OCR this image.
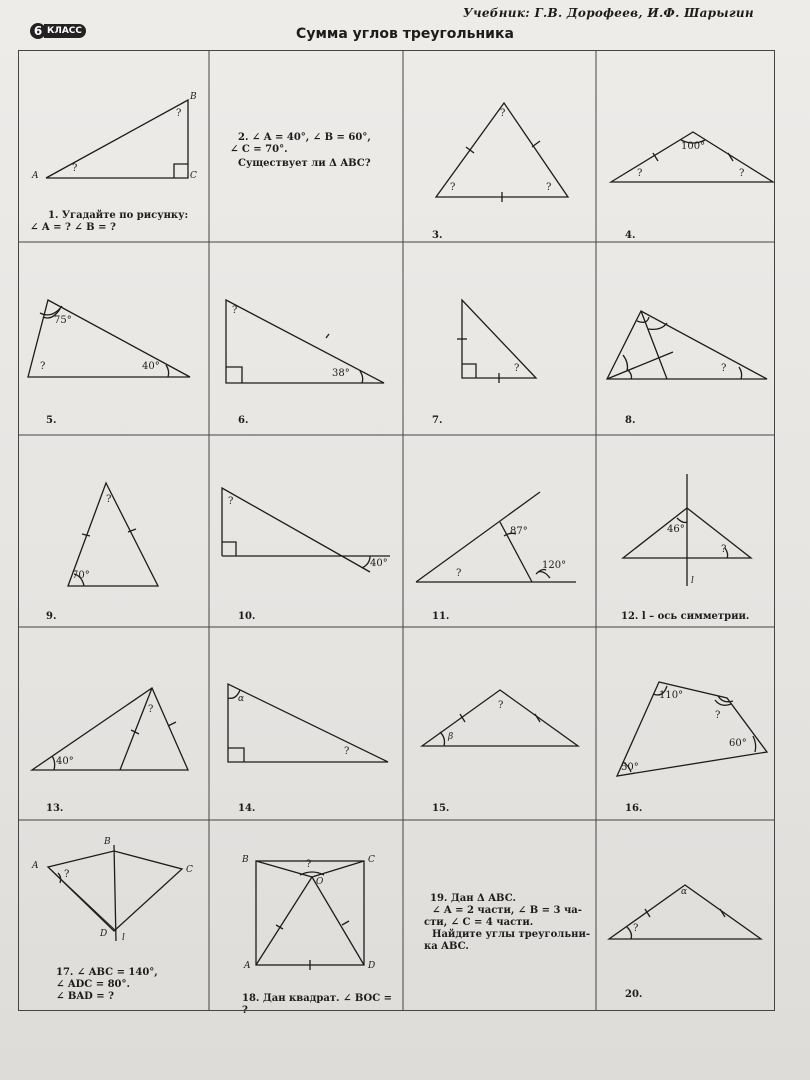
6 КЛАСС
Учебник: Г.В. Дорофеев, И.Ф. Шарыгин
Сумма углов треугольника
A
B
C
?
?
1. Угадайте по рисунку:
∠ A = ? ∠ B = ?
2. ∠ A = 40°, ∠ B = 60°,
∠ C = 70°.
Существует ли Δ ABC?
?
?	?
3.
100°
?	?
4.
75°
?	40°
5.
?
38°
6.
?
7.
?
8.
?
70°
9.
?
40°
10.
87°
?
120°
11.
46°
?
l
12. l – ось симметрии.
40°
?
13.
α
?
14.
β
?
15.
110°
?
60°
50°
16.
A
B
C
D l
?
17. ∠ ABC = 140°,
∠ ADC = 80°.
∠ BAD = ?
B	C
A	D
O
?
18. Дан квадрат. ∠ BOC = ?
19. Дан Δ ABC.
∠ A = 2 части, ∠ B = 3 ча-
сти, ∠ C = 4 части.
Найдите углы треугольни-
ка ABC.
α
?
20.
